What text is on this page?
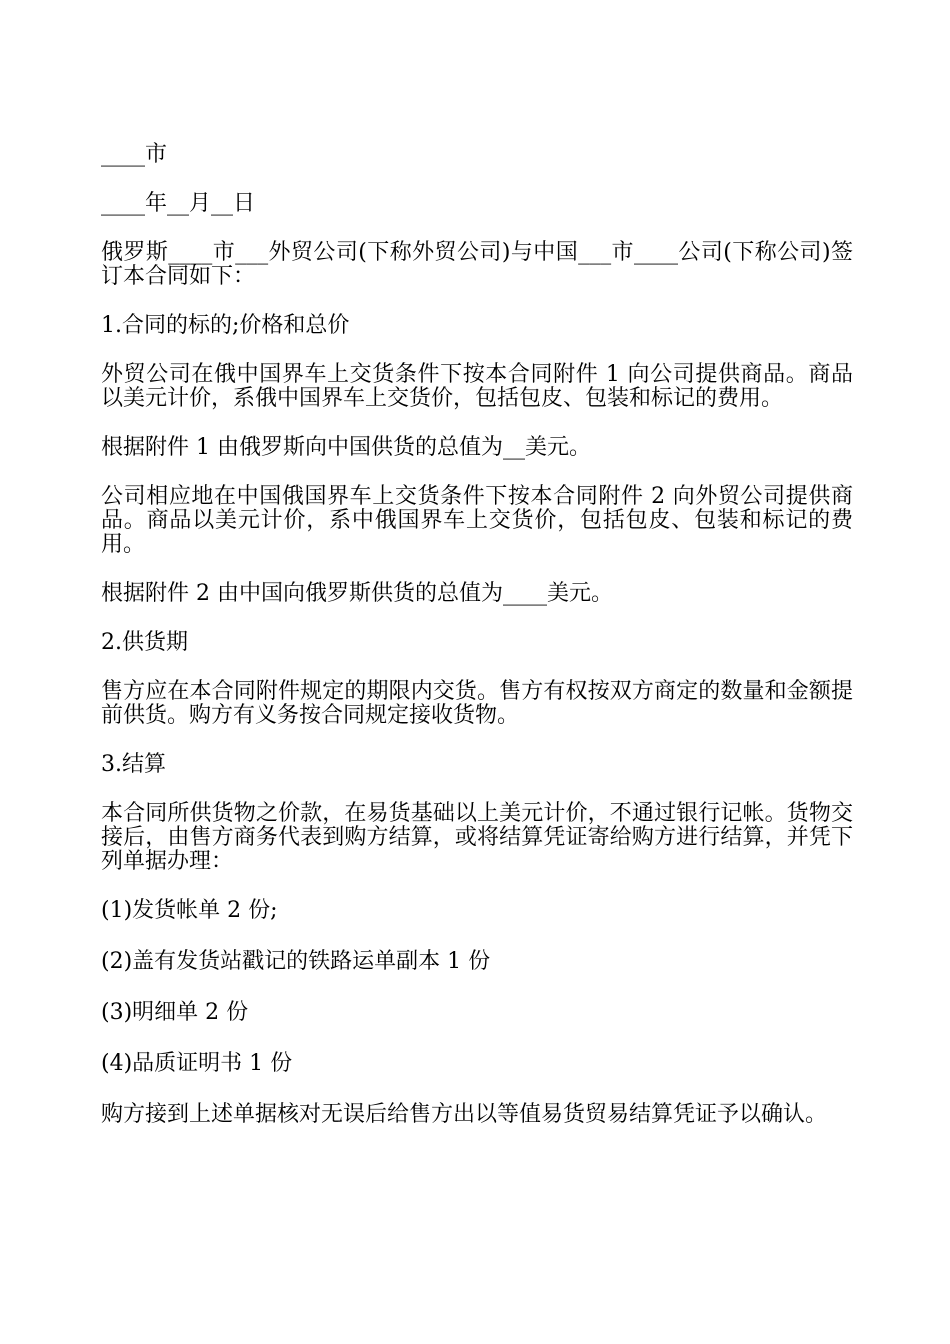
____市

____年__月__日

俄罗斯____市___外贸公司(下称外贸公司)与中国___市____公司(下称公司)签订本合同如下：

1.合同的标的;价格和总价

外贸公司在俄中国界车上交货条件下按本合同附件 1 向公司提供商品。商品以美元计价，系俄中国界车上交货价，包括包皮、包装和标记的费用。

根据附件 1 由俄罗斯向中国供货的总值为__美元。

公司相应地在中国俄国界车上交货条件下按本合同附件 2 向外贸公司提供商品。商品以美元计价，系中俄国界车上交货价，包括包皮、包装和标记的费用。

根据附件 2 由中国向俄罗斯供货的总值为____美元。

2.供货期

售方应在本合同附件规定的期限内交货。售方有权按双方商定的数量和金额提前供货。购方有义务按合同规定接收货物。

3.结算

本合同所供货物之价款，在易货基础以上美元计价，不通过银行记帐。货物交接后，由售方商务代表到购方结算，或将结算凭证寄给购方进行结算，并凭下列单据办理：

(1)发货帐单 2 份;

(2)盖有发货站戳记的铁路运单副本 1 份

(3)明细单 2 份

(4)品质证明书 1 份

购方接到上述单据核对无误后给售方出以等值易货贸易结算凭证予以确认。
